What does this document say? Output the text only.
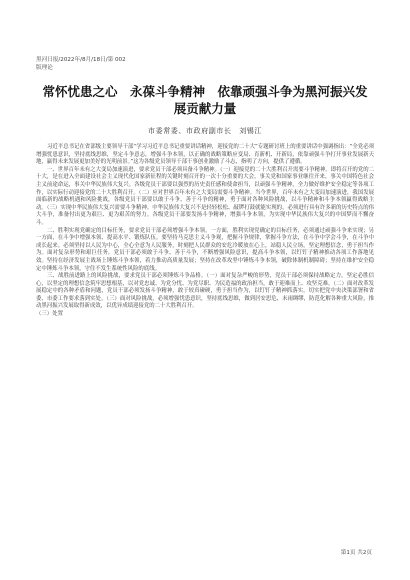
黑河日报/2022年/8月/18日/第 002
版理论
常怀忧患之心　永葆斗争精神　依靠顽强斗争为黑河振兴发
展贡献力量
市委常委、市政府副市长　刘锡江

习近平总书记在省部级主要领导干部“学习习近平总书记重要讲话精神，迎接党的二十大”专题研讨班上的重要讲话中强调指出：“全党必须增强忧患意识，坚持底线思维，坚定斗争意志，增强斗争本领，以正确的战略策略应变局、育新机、开新局，依靠顽强斗争打开事业发展新天地，赢得未来发展更加美好的光明前景。”这为各级党员领导干部干事创业激励了斗志，指明了方向，提供了遵循。

一、世界百年未有之大变局加速演进，要求党员干部必须具备斗争精神。（一）迎接党的二十大胜利召开需要斗争精神。即将召开的党的二十大，是在进入全面建设社会主义现代化国家新征程的关键时刻召开的一次十分重要的大会，事关党和国家事业继往开来，事关中国特色社会主义前途命运，事关中华民族伟大复兴。各级党员干部要以强烈的历史责任感和使命担当，以顽强斗争精神，全力做好维护安全稳定等各项工作，以实际行动迎接党的二十大胜利召开。（二）应对世界百年未有之大变局需要斗争精神。当今世界，百年未有之大变局加速演进，我国发展面临新的战略机遇和风险挑战，各级党员干部要以敢于斗争、善于斗争的精神，勇于面对各种风险挑战，以斗争精神和斗争本领赢得战略主动。（三）实现中华民族伟大复兴需要斗争精神。中华民族伟大复兴不是轻轻松松、敲锣打鼓就能实现的，必须进行具有许多新的历史特点的伟大斗争，准备付出更为艰巨、更为艰苦的努力。各级党员干部要发扬斗争精神，增强斗争本领，为实现中华民族伟大复兴的中国梦而不懈奋斗。

二、胜利实现党确定的目标任务，要求党员干部必须增强斗争本领。一方面，胜利实现党确定的目标任务，必须通过顽强斗争来实现；另一方面，在斗争中增强本领、提高水平、锻炼队伍。要坚持马克思主义斗争观，把握斗争规律，掌握斗争方法，在斗争中学会斗争，在斗争中成长起来。必须坚持以人民为中心，全心全意为人民服务，时刻把人民群众的安危冷暖放在心上，站稳人民立场，坚定理想信念，勇于担当作为。面对复杂形势和艰巨任务，党员干部必须敢于斗争、善于斗争，不断增强风险意识，提高斗争本领，以钉钉子精神推动各项工作落地见效。坚持在经济发展主战场上锤炼斗争本领，着力推动高质量发展；坚持在改革攻坚中锤炼斗争本领，破除体制机制障碍；坚持在维护安全稳定中锤炼斗争本领，守住不发生系统性风险的底线。

三、战胜前进路上的风险挑战，要求党员干部必须锤炼斗争品格。（一）面对复杂严峻的形势，党员干部必须保持战略定力，坚定必胜信心，以坚定的理想信念筑牢思想根基，以对党忠诚、为党分忧、为党尽职、为民造福的政治担当，敢于迎难而上、攻坚克难。（二）面对改革发展稳定中的各种矛盾和问题，党员干部必须发扬斗争精神，敢于较真碰硬，勇于担当作为，以钉钉子精神抓落实，切实把党中央决策部署和省委、市委工作要求落到实处。（三）面对风险挑战，必须增强忧患意识，坚持底线思维，做到居安思危、未雨绸缪，防范化解各种重大风险，推动黑河振兴发展取得新成效，以优异成绩迎接党的二十大胜利召开。

（三）处置

第1页 共2页
